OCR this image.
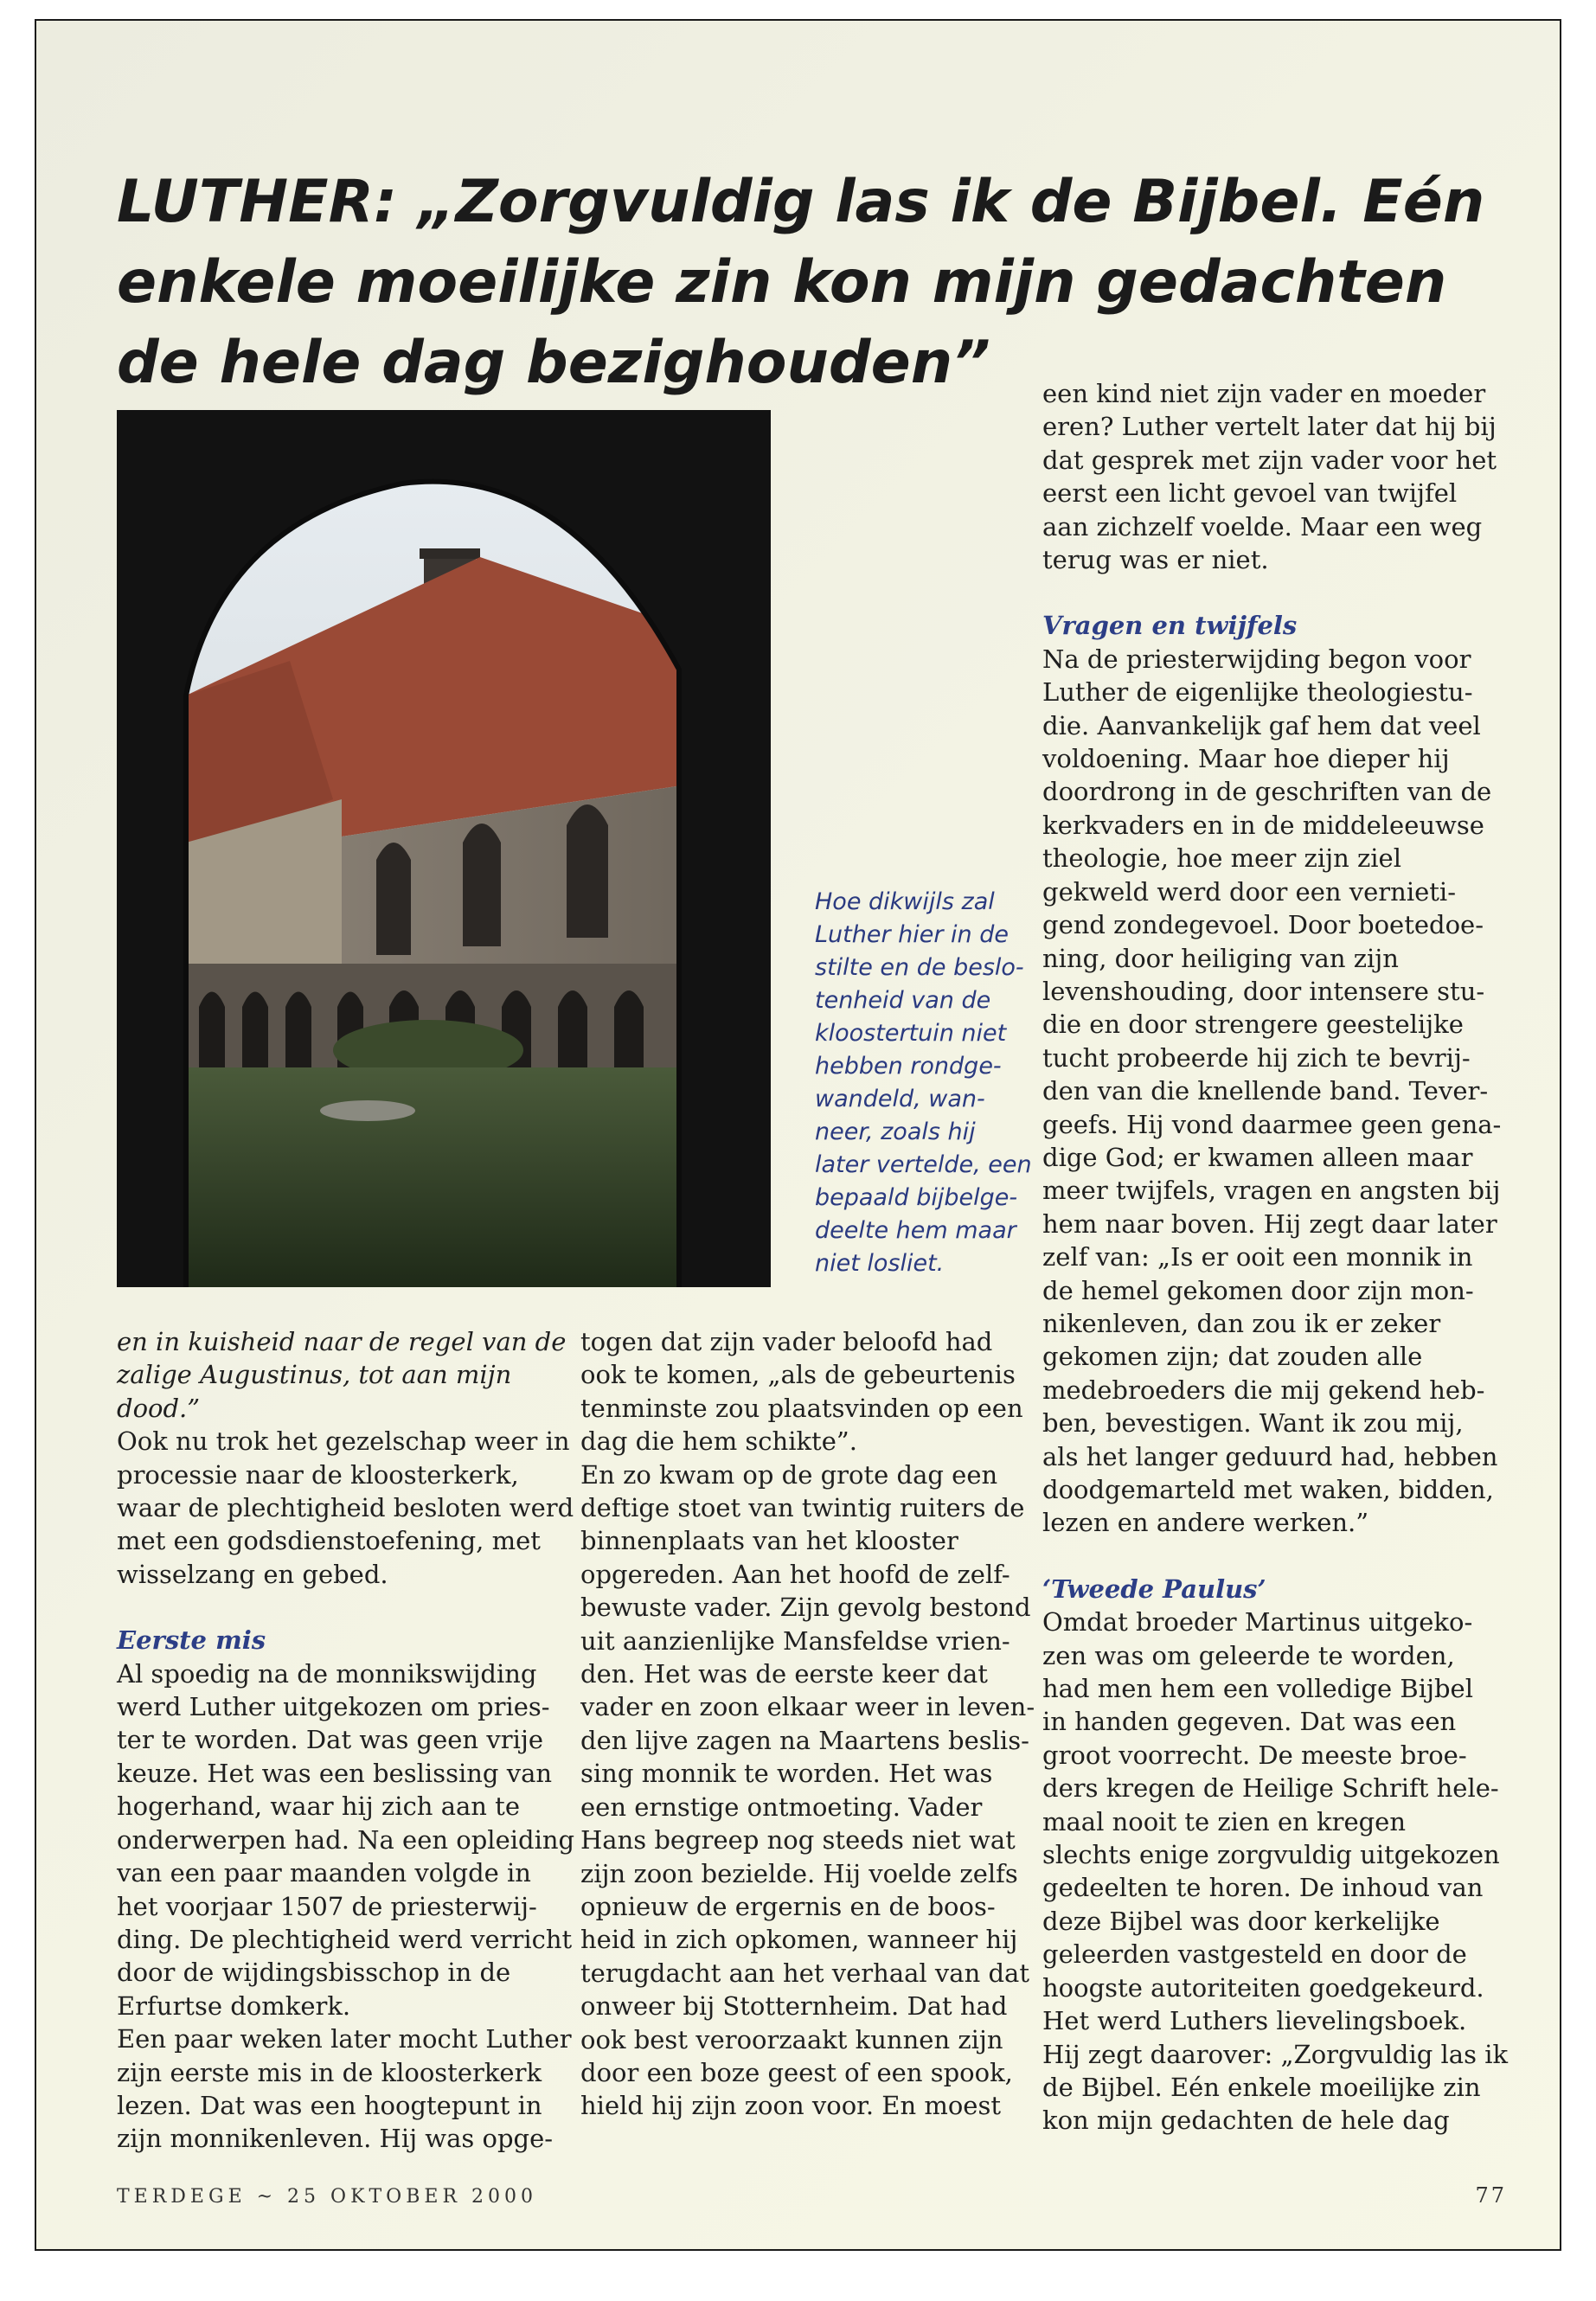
LUTHER: „Zorgvuldig las ik de Bijbel. Eén enkele moeilijke zin kon mijn gedachten de hele dag bezighouden”

Hoe dikwijls zal
Luther hier in de
stilte en de beslo-
tenheid van de
kloostertuin niet
hebben rondge-
wandeld, wan-
neer, zoals hij
later vertelde, een
bepaald bijbelge-
deelte hem maar
niet losliet.

en in kuisheid naar de regel van de
zalige Augustinus, tot aan mijn dood.”

Ook nu trok het gezelschap weer in
processie naar de kloosterkerk,
waar de plechtigheid besloten werd
met een godsdienstoefening, met
wisselzang en gebed.

Eerste mis

Al spoedig na de monnikswijding
werd Luther uitgekozen om pries-
ter te worden. Dat was geen vrije
keuze. Het was een beslissing van
hogerhand, waar hij zich aan te
onderwerpen had. Na een opleiding
van een paar maanden volgde in
het voorjaar 1507 de priesterwij-
ding. De plechtigheid werd verricht
door de wijdingsbisschop in de
Erfurtse domkerk.

Een paar weken later mocht Luther
zijn eerste mis in de kloosterkerk
lezen. Dat was een hoogtepunt in
zijn monnikenleven. Hij was opge-

togen dat zijn vader beloofd had
ook te komen, „als de gebeurtenis
tenminste zou plaatsvinden op een
dag die hem schikte”.

En zo kwam op de grote dag een
deftige stoet van twintig ruiters de
binnenplaats van het klooster
opgereden. Aan het hoofd de zelf-
bewuste vader. Zijn gevolg bestond
uit aanzienlijke Mansfeldse vrien-
den. Het was de eerste keer dat
vader en zoon elkaar weer in leven-
den lijve zagen na Maartens beslis-
sing monnik te worden. Het was
een ernstige ontmoeting. Vader
Hans begreep nog steeds niet wat
zijn zoon bezielde. Hij voelde zelfs
opnieuw de ergernis en de boos-
heid in zich opkomen, wanneer hij
terugdacht aan het verhaal van dat
onweer bij Stotternheim. Dat had
ook best veroorzaakt kunnen zijn
door een boze geest of een spook,
hield hij zijn zoon voor. En moest

een kind niet zijn vader en moeder
eren? Luther vertelt later dat hij bij
dat gesprek met zijn vader voor het
eerst een licht gevoel van twijfel
aan zichzelf voelde. Maar een weg
terug was er niet.

Vragen en twijfels

Na de priesterwijding begon voor
Luther de eigenlijke theologiestu-
die. Aanvankelijk gaf hem dat veel
voldoening. Maar hoe dieper hij
doordrong in de geschriften van de
kerkvaders en in de middeleeuwse
theologie, hoe meer zijn ziel
gekweld werd door een vernieti-
gend zondegevoel. Door boetedoe-
ning, door heiliging van zijn
levenshouding, door intensere stu-
die en door strengere geestelijke
tucht probeerde hij zich te bevrij-
den van die knellende band. Tever-
geefs. Hij vond daarmee geen gena-
dige God; er kwamen alleen maar
meer twijfels, vragen en angsten bij
hem naar boven. Hij zegt daar later
zelf van: „Is er ooit een monnik in
de hemel gekomen door zijn mon-
nikenleven, dan zou ik er zeker
gekomen zijn; dat zouden alle
medebroeders die mij gekend heb-
ben, bevestigen. Want ik zou mij,
als het langer geduurd had, hebben
doodgemarteld met waken, bidden,
lezen en andere werken.”

‘Tweede Paulus’

Omdat broeder Martinus uitgeko-
zen was om geleerde te worden,
had men hem een volledige Bijbel
in handen gegeven. Dat was een
groot voorrecht. De meeste broe-
ders kregen de Heilige Schrift hele-
maal nooit te zien en kregen
slechts enige zorgvuldig uitgekozen
gedeelten te horen. De inhoud van
deze Bijbel was door kerkelijke
geleerden vastgesteld en door de
hoogste autoriteiten goedgekeurd.
Het werd Luthers lievelingsboek.
Hij zegt daarover: „Zorgvuldig las ik
de Bijbel. Eén enkele moeilijke zin
kon mijn gedachten de hele dag

TERDEGE ~ 25 OKTOBER 2000	77
